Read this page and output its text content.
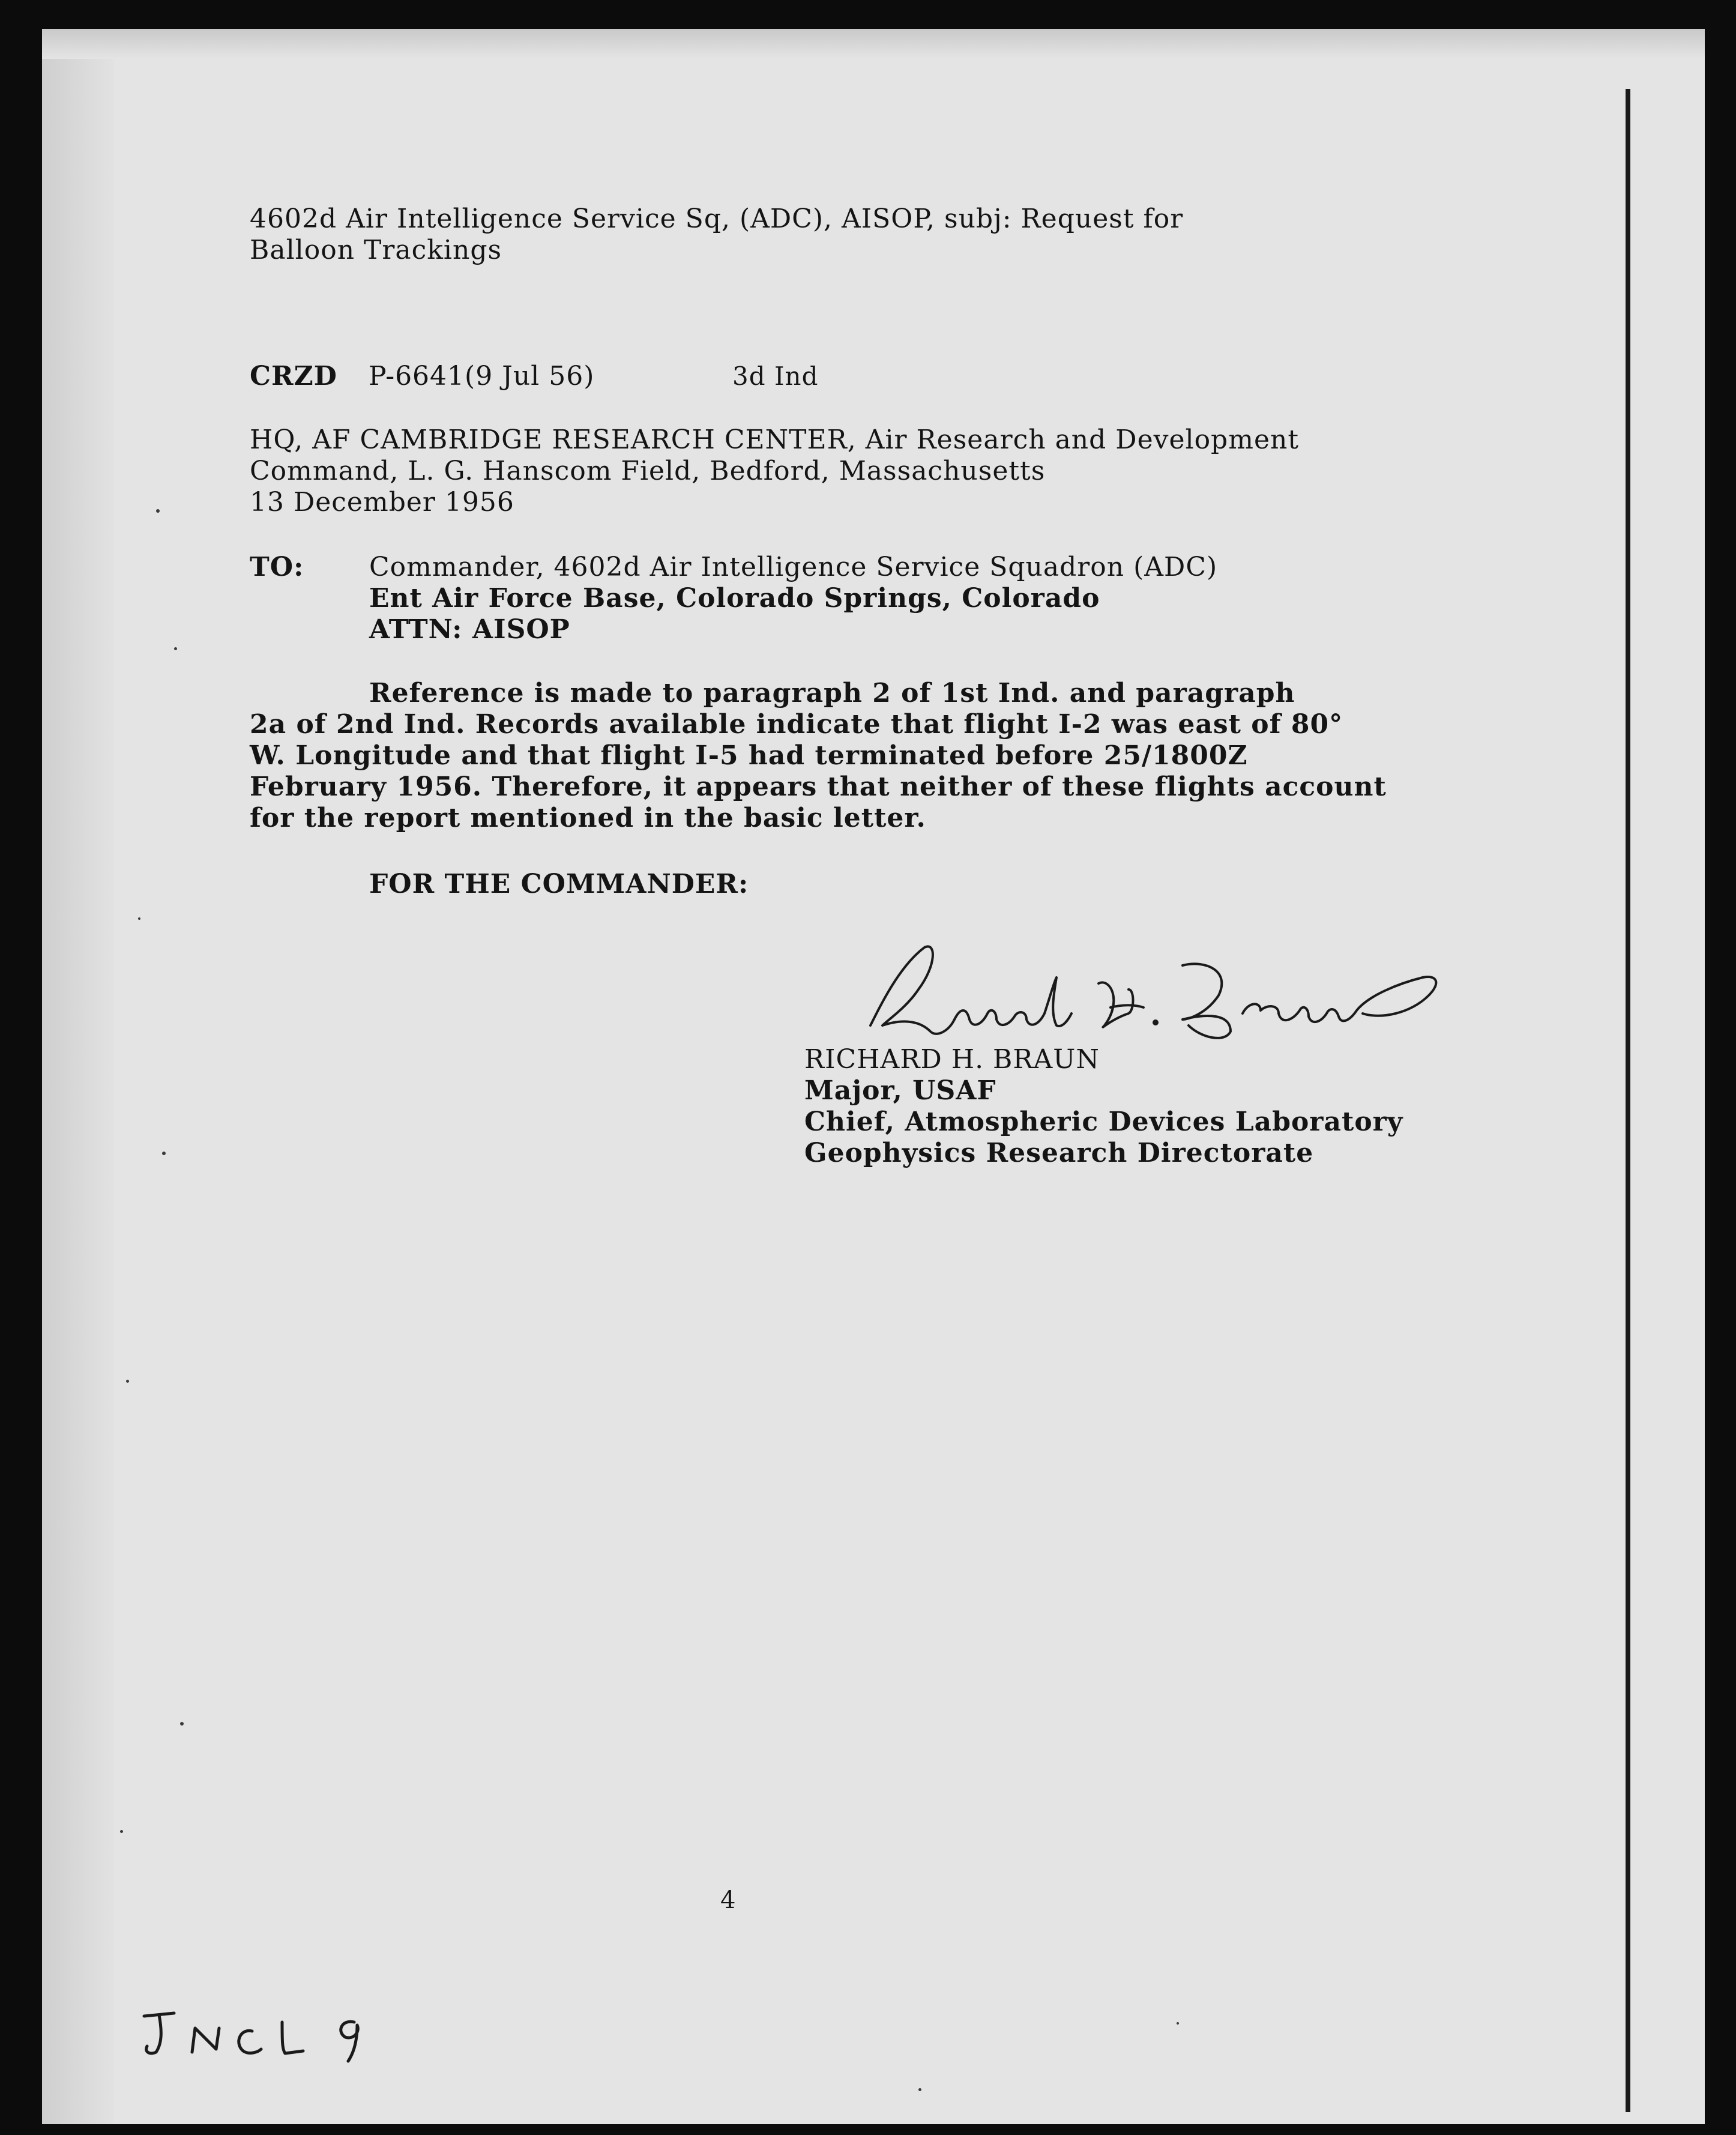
4602d Air Intelligence Service Sq, (ADC), AISOP, subj: Request for
Balloon Trackings
CRZD P-6641(9 Jul 56)	3d Ind
HQ, AF CAMBRIDGE RESEARCH CENTER, Air Research and Development
Command, L. G. Hanscom Field, Bedford, Massachusetts
13 December 1956
TO: Commander, 4602d Air Intelligence Service Squadron (ADC)
Ent Air Force Base, Colorado Springs, Colorado
ATTN: AISOP
Reference is made to paragraph 2 of 1st Ind. and paragraph
2a of 2nd Ind. Records available indicate that flight I-2 was east of 80°
W. Longitude and that flight I-5 had terminated before 25/1800Z
February 1956. Therefore, it appears that neither of these flights account
for the report mentioned in the basic letter.
FOR THE COMMANDER:
RICHARD H. BRAUN
Major, USAF
Chief, Atmospheric Devices Laboratory
Geophysics Research Directorate
4
